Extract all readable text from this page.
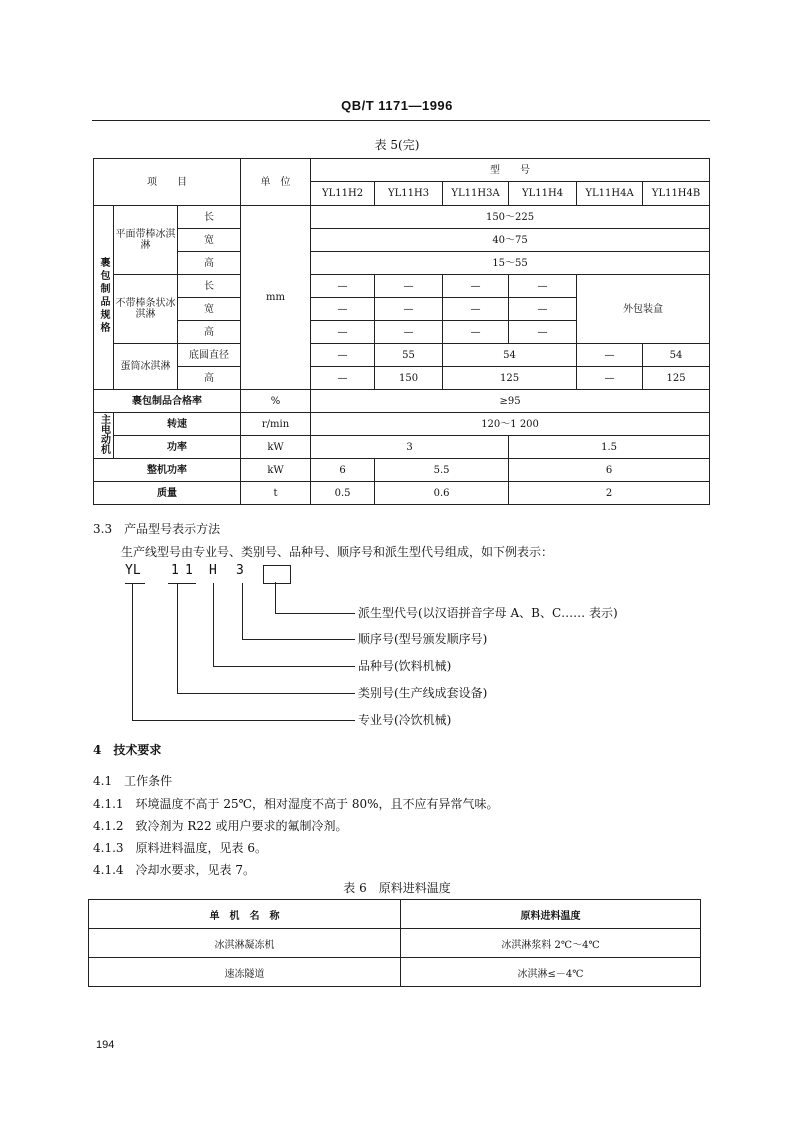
QB/T 1171—1996
表 5(完)
项　　目			单　位	型　　号					
				YL11H2	YL11H3	YL11H3A	YL11H4	YL11H4A	YL11H4B
裹包制品规格	平面带棒冰淇淋	长	mm	150～225					
		宽		40～75					
		高		15～55					
	不带棒条状冰淇淋	长		—	—	—	—	外包装盒	
		宽		—	—	—	—		
		高		—	—	—	—		
	蛋筒冰淇淋	底圆直径		—	55	54		—	54
		高		—	150	125		—	125
裹包制品合格率			%	≥95					
主电动机	转速		r/min	120～1 200					
	功率		kW	3			1.5		
整机功率			kW	6	5.5		6		
质量			t	0.5	0.6		2		
3.3　产品型号表示方法
生产线型号由专业号、类别号、品种号、顺序号和派生型代号组成，如下例表示：
YL 1 1 H 3
派生型代号(以汉语拼音字母 A、B、C…… 表示)
顺序号(型号颁发顺序号)
品种号(饮料机械)
类别号(生产线成套设备)
专业号(冷饮机械)
4　技术要求
4.1　工作条件
4.1.1　环境温度不高于 25℃，相对湿度不高于 80%，且不应有异常气味。
4.1.2　致冷剂为 R22 或用户要求的氟制冷剂。
4.1.3　原料进料温度，见表 6。
4.1.4　冷却水要求，见表 7。
表 6　原料进料温度
单　机　名　称	原料进料温度
冰淇淋凝冻机	冰淇淋浆料 2℃～4℃
速冻隧道	冰淇淋≤－4℃
194
